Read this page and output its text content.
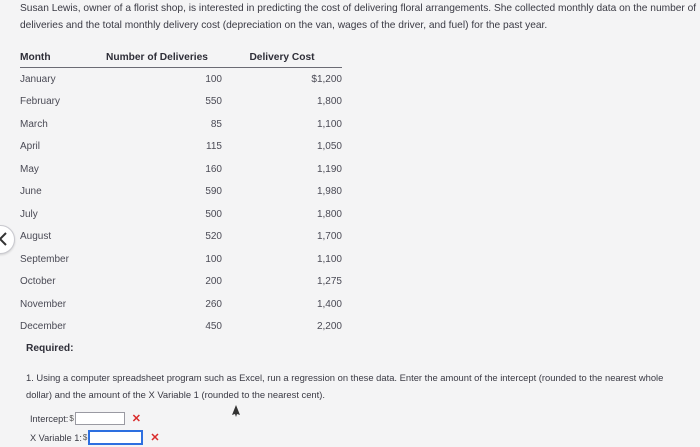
Susan Lewis, owner of a florist shop, is interested in predicting the cost of delivering floral arrangements. She collected monthly data on the number of deliveries and the total monthly delivery cost (depreciation on the van, wages of the driver, and fuel) for the past year.

Month	Number of Deliveries	Delivery Cost
January	100	$1,200
February	550	1,800
March	85	1,100
April	115	1,050
May	160	1,190
June	590	1,980
July	500	1,800
August	520	1,700
September	100	1,100
October	200	1,275
November	260	1,400
December	450	2,200
Required:

1. Using a computer spreadsheet program such as Excel, run a regression on these data. Enter the amount of the intercept (rounded to the nearest whole dollar) and the amount of the X Variable 1 (rounded to the nearest cent).

Intercept: $	✕
X Variable 1: $	✕
